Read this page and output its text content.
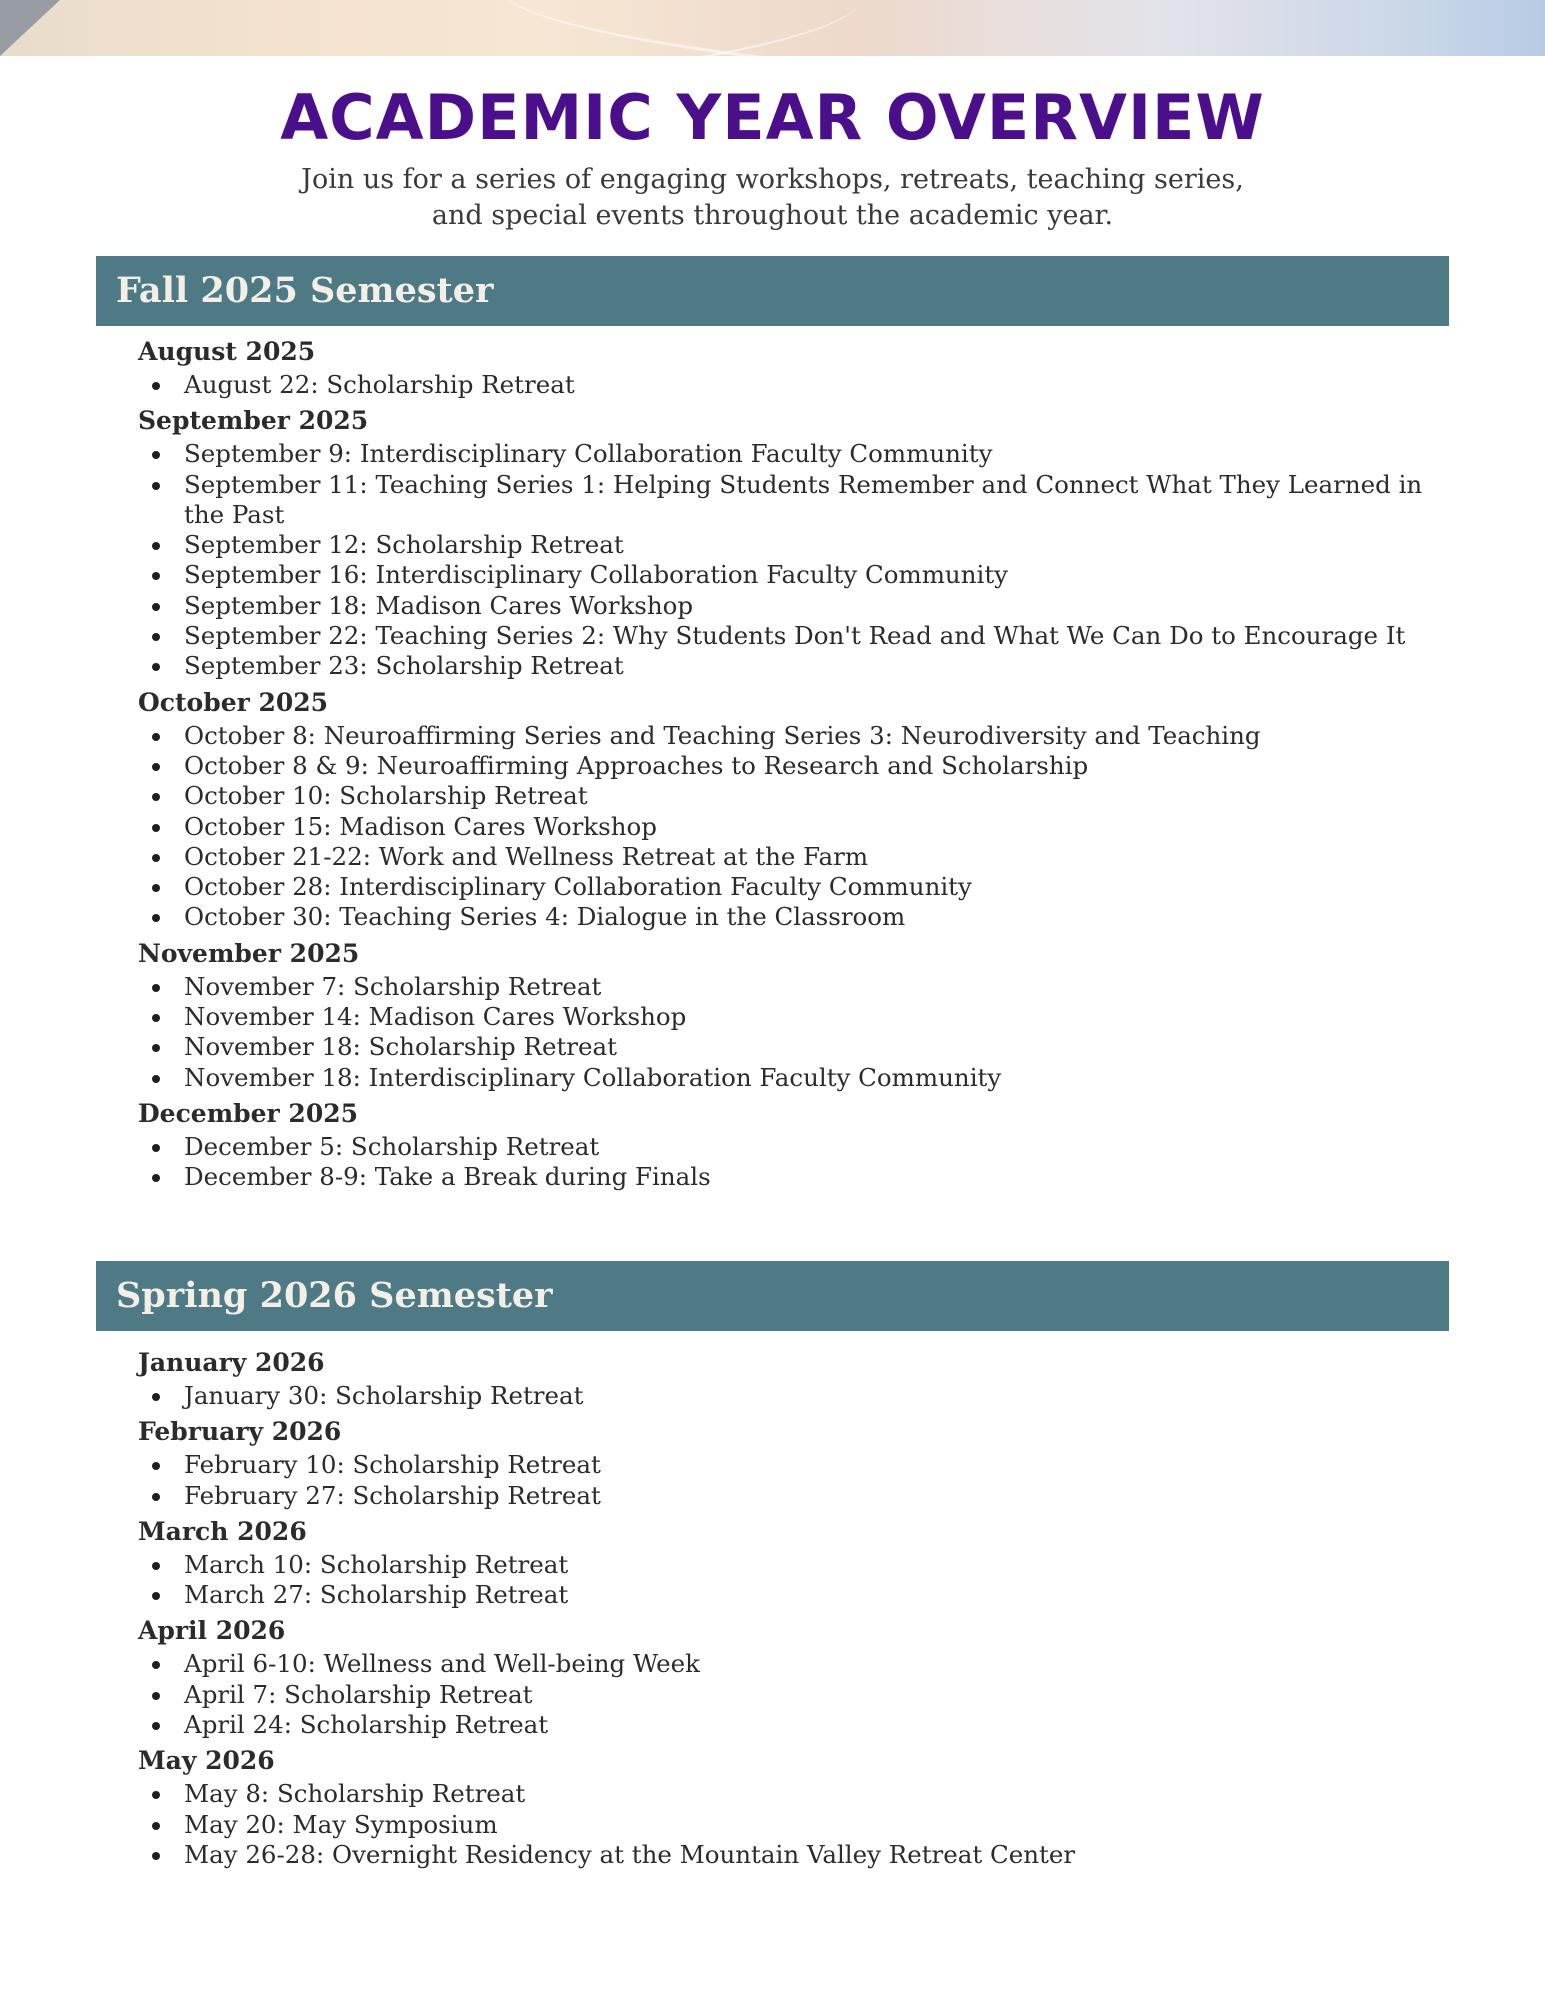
ACADEMIC YEAR OVERVIEW
Join us for a series of engaging workshops, retreats, teaching series,
and special events throughout the academic year.
Fall 2025 Semester
August 2025
August 22: Scholarship Retreat
September 2025
September 9: Interdisciplinary Collaboration Faculty Community
September 11: Teaching Series 1: Helping Students Remember and Connect What They Learned in the Past
September 12: Scholarship Retreat
September 16: Interdisciplinary Collaboration Faculty Community
September 18: Madison Cares Workshop
September 22: Teaching Series 2: Why Students Don't Read and What We Can Do to Encourage It
September 23: Scholarship Retreat
October 2025
October 8: Neuroaffirming Series and Teaching Series 3: Neurodiversity and Teaching
October 8 & 9: Neuroaffirming Approaches to Research and Scholarship
October 10: Scholarship Retreat
October 15: Madison Cares Workshop
October 21-22: Work and Wellness Retreat at the Farm
October 28: Interdisciplinary Collaboration Faculty Community
October 30: Teaching Series 4: Dialogue in the Classroom
November 2025
November 7: Scholarship Retreat
November 14: Madison Cares Workshop
November 18: Scholarship Retreat
November 18: Interdisciplinary Collaboration Faculty Community
December 2025
December 5: Scholarship Retreat
December 8-9: Take a Break during Finals
Spring 2026 Semester
January 2026
January 30: Scholarship Retreat
February 2026
February 10: Scholarship Retreat
February 27: Scholarship Retreat
March 2026
March 10: Scholarship Retreat
March 27: Scholarship Retreat
April 2026
April 6-10: Wellness and Well-being Week
April 7: Scholarship Retreat
April 24: Scholarship Retreat
May 2026
May 8: Scholarship Retreat
May 20: May Symposium
May 26-28: Overnight Residency at the Mountain Valley Retreat Center
